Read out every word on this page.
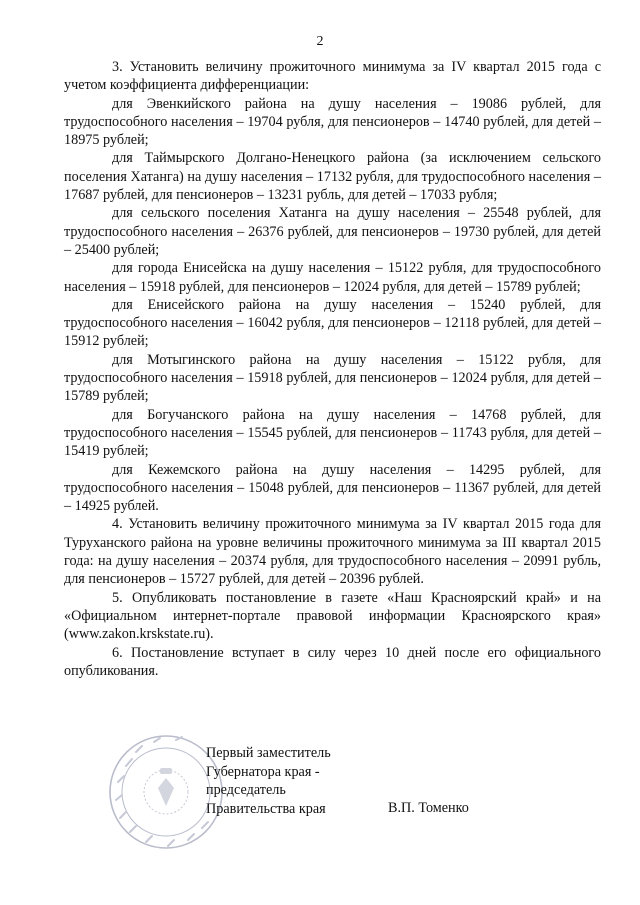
2

3. Установить величину прожиточного минимума за IV квартал 2015 года с учетом коэффициента дифференциации:

для Эвенкийского района на душу населения – 19086 рублей, для трудоспособного населения – 19704 рубля, для пенсионеров – 14740 рублей, для детей – 18975 рублей;

для Таймырского Долгано-Ненецкого района (за исключением сельского поселения Хатанга) на душу населения – 17132 рубля, для трудоспособного населения – 17687 рублей, для пенсионеров – 13231 рубль, для детей – 17033 рубля;

для сельского поселения Хатанга на душу населения – 25548 рублей, для трудоспособного населения – 26376 рублей, для пенсионеров – 19730 рублей, для детей – 25400 рублей;

для города Енисейска на душу населения – 15122 рубля, для трудоспособного населения – 15918 рублей, для пенсионеров – 12024 рубля, для детей – 15789 рублей;

для Енисейского района на душу населения – 15240 рублей, для трудоспособного населения – 16042 рубля, для пенсионеров – 12118 рублей, для детей – 15912 рублей;

для Мотыгинского района на душу населения – 15122 рубля, для трудоспособного населения – 15918 рублей, для пенсионеров – 12024 рубля, для детей – 15789 рублей;

для Богучанского района на душу населения – 14768 рублей, для трудоспособного населения – 15545 рублей, для пенсионеров – 11743 рубля, для детей – 15419 рублей;

для Кежемского района на душу населения – 14295 рублей, для трудоспособного населения – 15048 рублей, для пенсионеров – 11367 рублей, для детей – 14925 рублей.

4. Установить величину прожиточного минимума за IV квартал 2015 года для Туруханского района на уровне величины прожиточного минимума за III квартал 2015 года: на душу населения – 20374 рубля, для трудоспособного населения – 20991 рубль, для пенсионеров – 15727 рублей, для детей – 20396 рублей.

5. Опубликовать постановление в газете «Наш Красноярский край» и на «Официальном интернет-портале правовой информации Красноярского края» (www.zakon.krskstate.ru).

6. Постановление вступает в силу через 10 дней после его официального опубликования.

Первый заместитель
Губернатора края -
председатель
Правительства края	В.П. Томенко
